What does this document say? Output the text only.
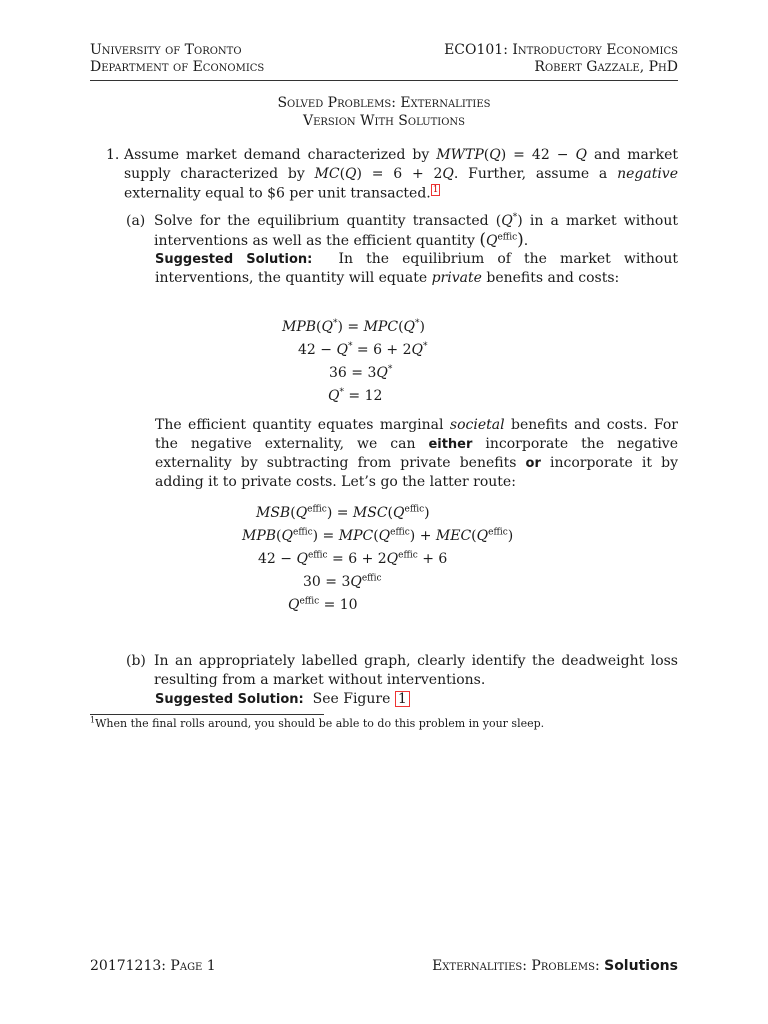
University of Toronto
Department of Economics
ECO101: Introductory Economics
Robert Gazzale, PhD
Solved Problems: Externalities
Version With Solutions
1. Assume market demand characterized by MWTP(Q) = 42 − Q and market supply characterized by MC(Q) = 6 + 2Q. Further, assume a negative externality equal to $6 per unit transacted. 1
(a) Solve for the equilibrium quantity transacted (Q*) in a market without interventions as well as the efficient quantity $(Q^{effic})$.
Suggested Solution: In the equilibrium of the market without interventions, the quantity will equate private benefits and costs:
MPB(Q*) = MPC(Q*)
42 − Q* = 6 + 2Q*
36 = 3Q*
Q* = 12
The efficient quantity equates marginal societal benefits and costs. For the negative externality, we can either incorporate the negative externality by subtracting from private benefits or incorporate it by adding it to private costs. Let’s go the latter route:
$MSB(Q^{effic}) = MSC(Q^{effic})$
$MPB(Q^{effic}) = MPC(Q^{effic}) + MEC(Q^{effic})$
$42 - Q^{effic} = 6 + 2Q^{effic} + 6$
$30 = 3Q^{effic}$
$Q^{effic} = 10$
(b) In an appropriately labelled graph, clearly identify the deadweight loss resulting from a market without interventions.
Suggested Solution: See Figure 1
$^1$When the final rolls around, you should be able to do this problem in your sleep.
20171213: Page 1	Externalities: Problems: Solutions
